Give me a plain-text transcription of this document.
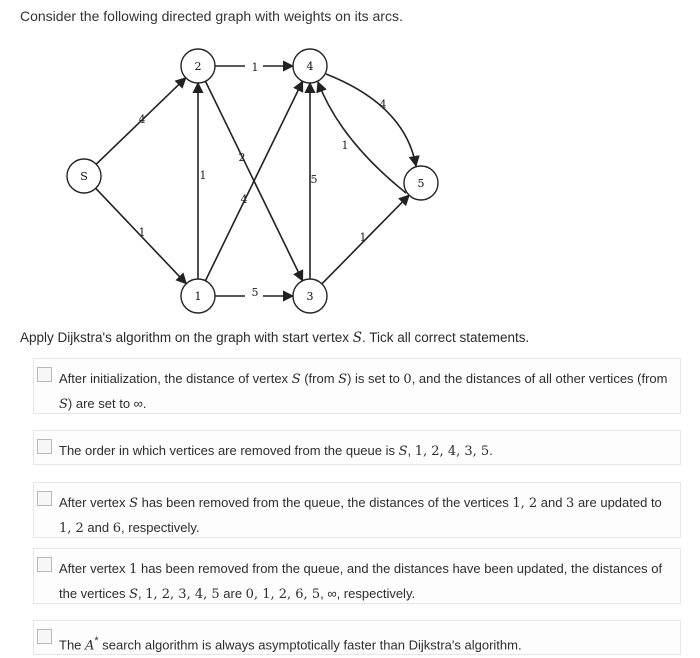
Consider the following directed graph with weights on its arcs.
4
1
1
2
1
4
5
5
1
4
1
S
2	4
1	3
5
Apply Dijkstra's algorithm on the graph with start vertex S. Tick all correct statements.
After initialization, the distance of vertex S (from S) is set to 0, and the distances of all other vertices (from S) are set to ∞.
The order in which vertices are removed from the queue is S, 1, 2, 4, 3, 5.
After vertex S has been removed from the queue, the distances of the vertices 1, 2 and 3 are updated to 1, 2 and 6, respectively.
After vertex 1 has been removed from the queue, and the distances have been updated, the distances of the vertices S, 1, 2, 3, 4, 5 are 0, 1, 2, 6, 5, ∞, respectively.
The A* search algorithm is always asymptotically faster than Dijkstra's algorithm.
